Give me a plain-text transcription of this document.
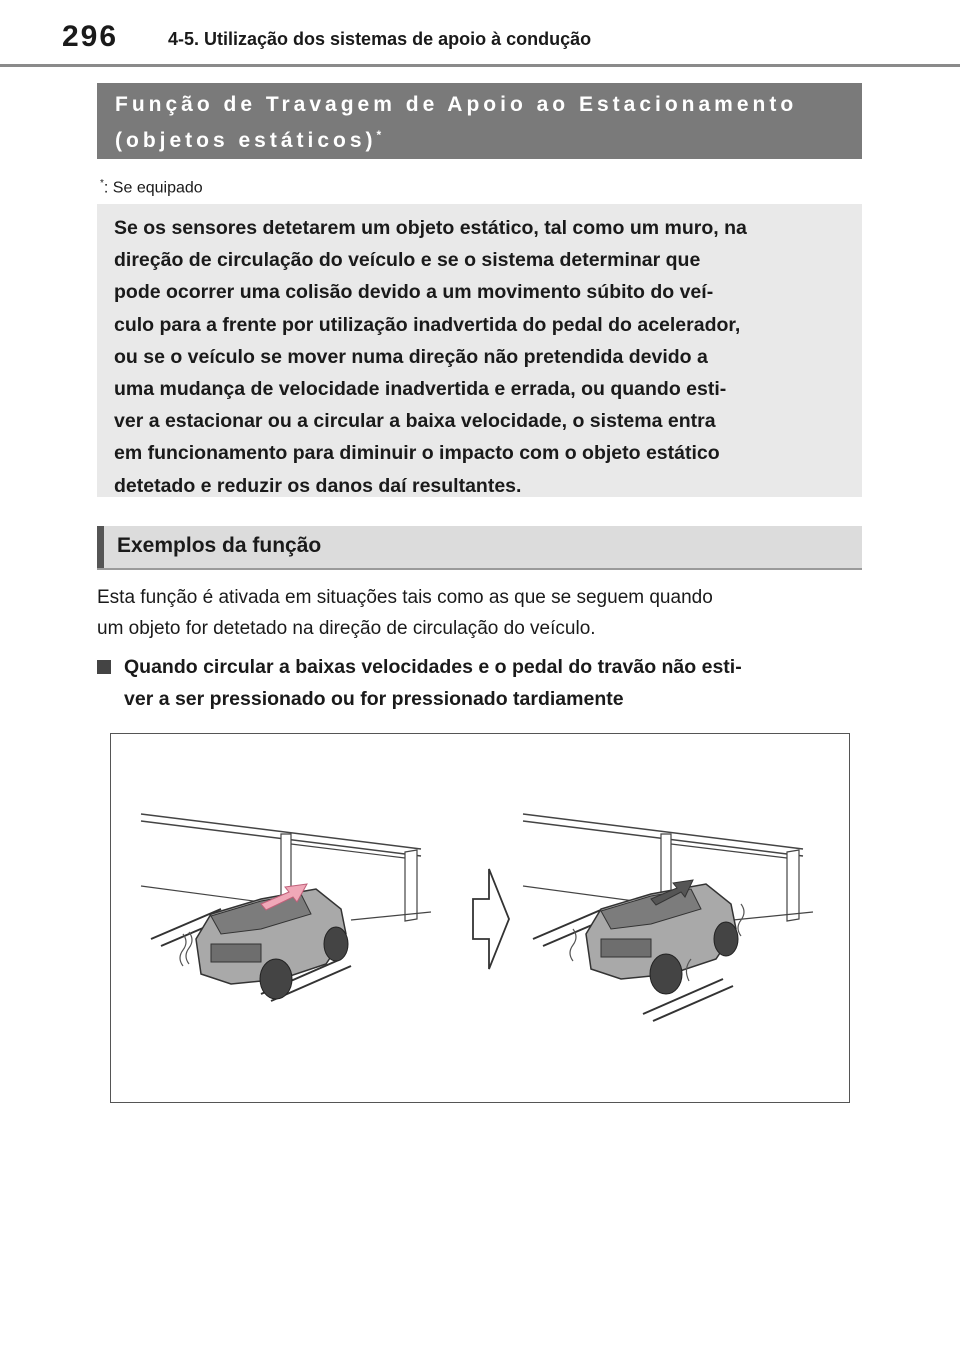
296	4-5. Utilização dos sistemas de apoio à condução
Função de Travagem de Apoio ao Estacionamento
(objetos estáticos)*
*: Se equipado
Se os sensores detetarem um objeto estático, tal como um muro, na
direção de circulação do veículo e se o sistema determinar que
pode ocorrer uma colisão devido a um movimento súbito do veí-
culo para a frente por utilização inadvertida do pedal do acelerador,
ou se o veículo se mover numa direção não pretendida devido a
uma mudança de velocidade inadvertida e errada, ou quando esti-
ver a estacionar ou a circular a baixa velocidade, o sistema entra
em funcionamento para diminuir o impacto com o objeto estático
detetado e reduzir os danos daí resultantes.
Exemplos da função
Esta função é ativada em situações tais como as que se seguem quando
um objeto for detetado na direção de circulação do veículo.
Quando circular a baixas velocidades e o pedal do travão não esti-
ver a ser pressionado ou for pressionado tardiamente
